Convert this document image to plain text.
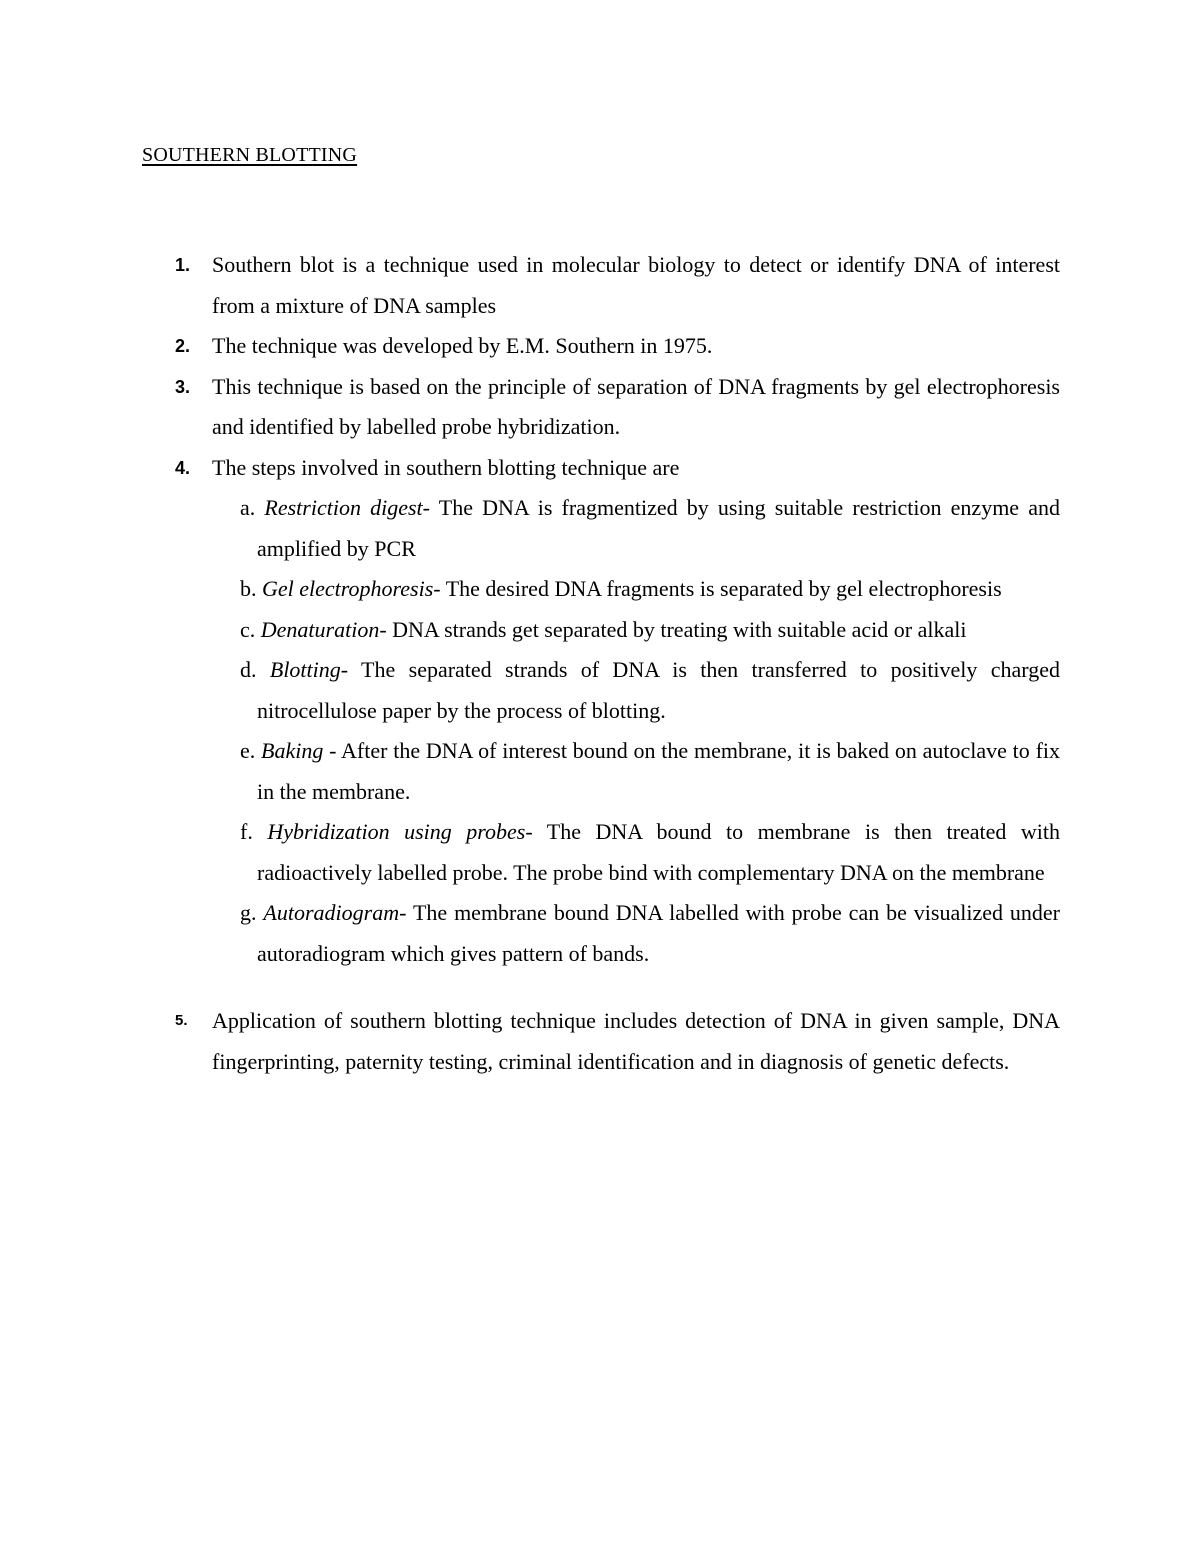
SOUTHERN BLOTTING
1. Southern blot is a technique used in molecular biology to detect or identify DNA of interest from a mixture of DNA samples
2. The technique was developed by E.M. Southern in 1975.
3. This technique is based on the principle of separation of DNA fragments by gel electrophoresis and identified by labelled probe hybridization.
4. The steps involved in southern blotting technique are
a. Restriction digest- The DNA is fragmentized by using suitable restriction enzyme and amplified by PCR
b. Gel electrophoresis- The desired DNA fragments is separated by gel electrophoresis
c. Denaturation- DNA strands get separated by treating with suitable acid or alkali
d. Blotting- The separated strands of DNA is then transferred to positively charged nitrocellulose paper by the process of blotting.
e. Baking - After the DNA of interest bound on the membrane, it is baked on autoclave to fix in the membrane.
f. Hybridization using probes- The DNA bound to membrane is then treated with radioactively labelled probe. The probe bind with complementary DNA on the membrane
g. Autoradiogram- The membrane bound DNA labelled with probe can be visualized under autoradiogram which gives pattern of bands.
5. Application of southern blotting technique includes detection of DNA in given sample, DNA fingerprinting, paternity testing, criminal identification and in diagnosis of genetic defects.
